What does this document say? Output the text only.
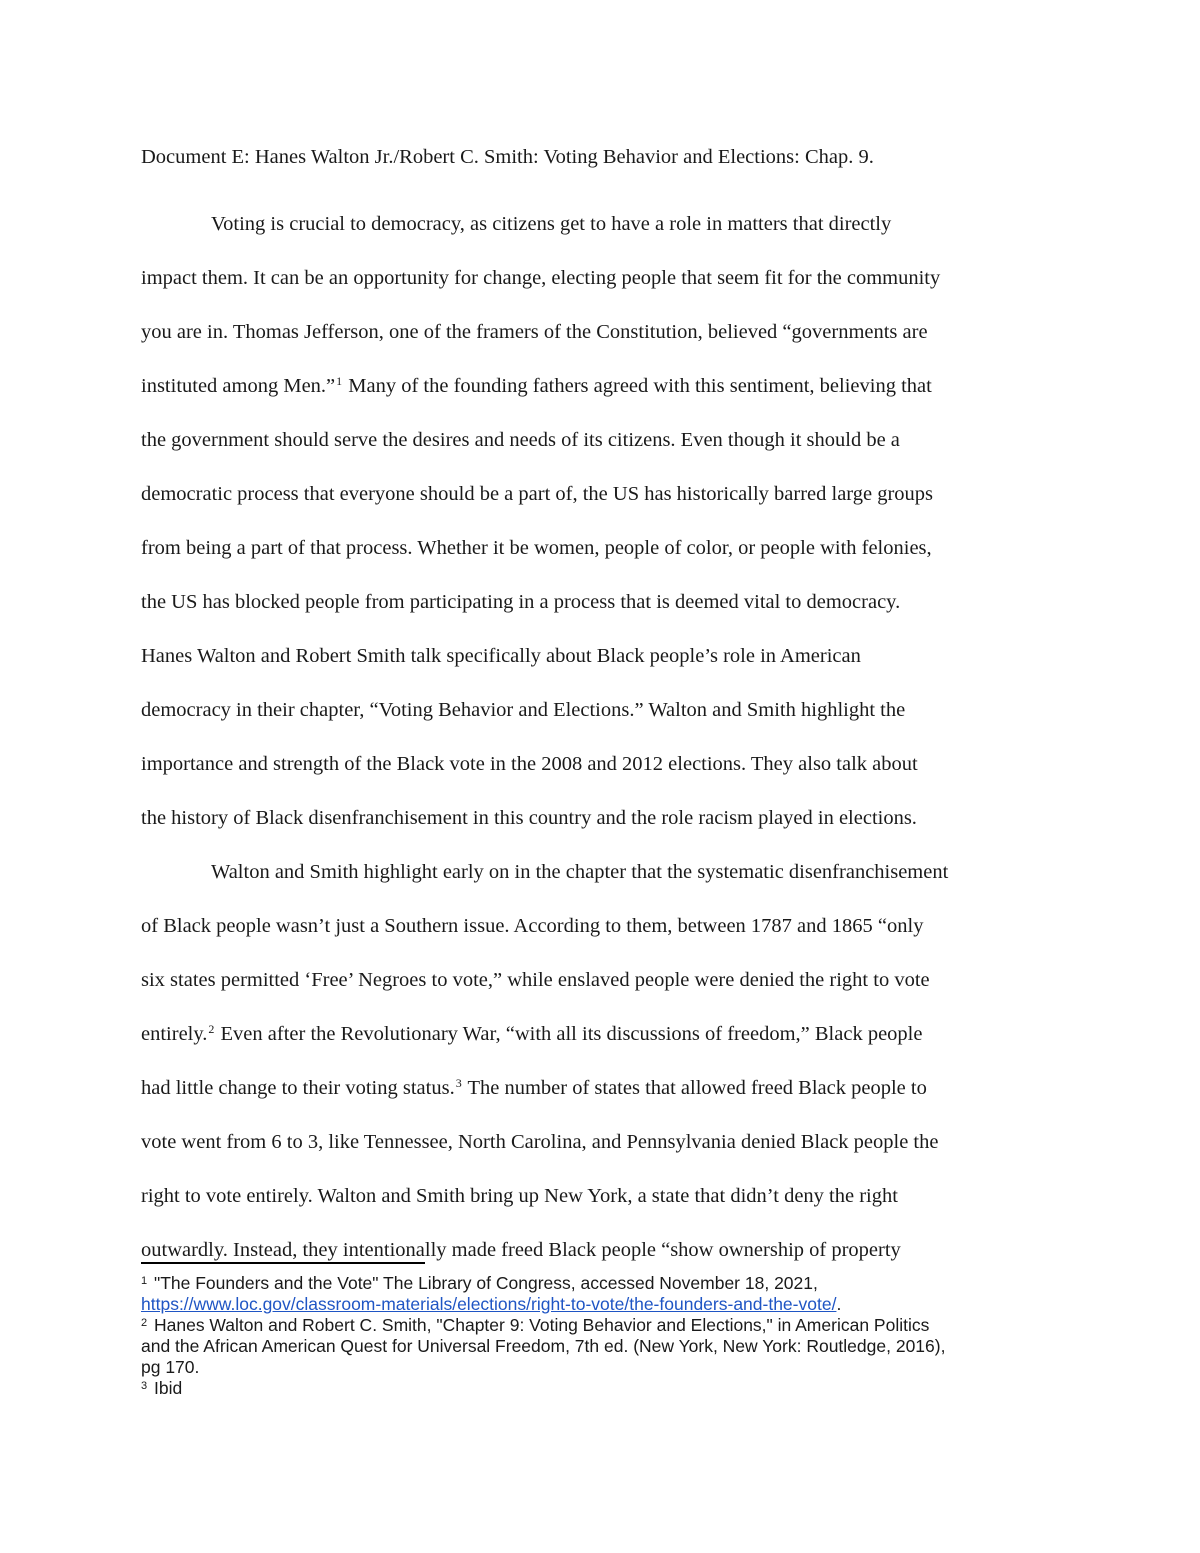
Document E: Hanes Walton Jr./Robert C. Smith: Voting Behavior and Elections: Chap. 9.
Voting is crucial to democracy, as citizens get to have a role in matters that directly
impact them. It can be an opportunity for change, electing people that seem fit for the community
you are in. Thomas Jefferson, one of the framers of the Constitution, believed “governments are
instituted among Men.”$^1$ Many of the founding fathers agreed with this sentiment, believing that
the government should serve the desires and needs of its citizens. Even though it should be a
democratic process that everyone should be a part of, the US has historically barred large groups
from being a part of that process. Whether it be women, people of color, or people with felonies,
the US has blocked people from participating in a process that is deemed vital to democracy.
Hanes Walton and Robert Smith talk specifically about Black people’s role in American
democracy in their chapter, “Voting Behavior and Elections.” Walton and Smith highlight the
importance and strength of the Black vote in the 2008 and 2012 elections. They also talk about
the history of Black disenfranchisement in this country and the role racism played in elections.
Walton and Smith highlight early on in the chapter that the systematic disenfranchisement
of Black people wasn’t just a Southern issue. According to them, between 1787 and 1865 “only
six states permitted ‘Free’ Negroes to vote,” while enslaved people were denied the right to vote
entirely.$^2$ Even after the Revolutionary War, “with all its discussions of freedom,” Black people
had little change to their voting status.$^3$ The number of states that allowed freed Black people to
vote went from 6 to 3, like Tennessee, North Carolina, and Pennsylvania denied Black people the
right to vote entirely. Walton and Smith bring up New York, a state that didn’t deny the right
outwardly. Instead, they intentionally made freed Black people “show ownership of property
$^1$ "The Founders and the Vote" The Library of Congress, accessed November 18, 2021,
https://www.loc.gov/classroom-materials/elections/right-to-vote/the-founders-and-the-vote/.
$^2$ Hanes Walton and Robert C. Smith, "Chapter 9: Voting Behavior and Elections," in American Politics
and the African American Quest for Universal Freedom, 7th ed. (New York, New York: Routledge, 2016),
pg 170.
$^3$ Ibid
